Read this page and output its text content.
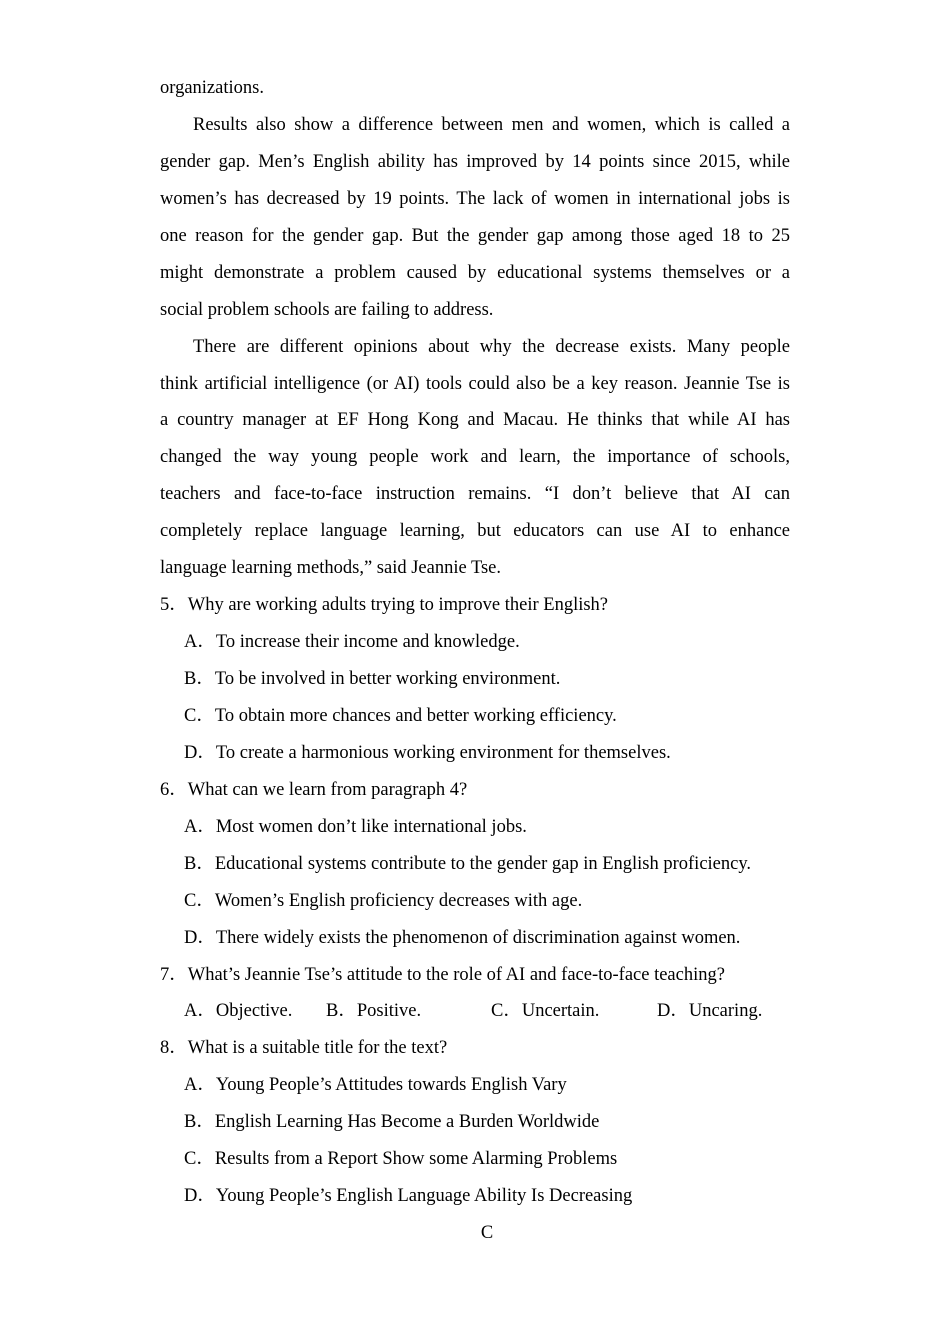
organizations.
Results also show a difference between men and women, which is called a
gender gap. Men’s English ability has improved by 14 points since 2015, while
women’s has decreased by 19 points. The lack of women in international jobs is
one reason for the gender gap. But the gender gap among those aged 18 to 25
might demonstrate a problem caused by educational systems themselves or a
social problem schools are failing to address.
There are different opinions about why the decrease exists. Many people
think artificial intelligence (or AI) tools could also be a key reason. Jeannie Tse is
a country manager at EF Hong Kong and Macau. He thinks that while AI has
changed the way young people work and learn, the importance of schools,
teachers and face-to-face instruction remains. “I don’t believe that AI can
completely replace language learning, but educators can use AI to enhance
language learning methods,” said Jeannie Tse.
5．Why are working adults trying to improve their English?
A．To increase their income and knowledge.
B．To be involved in better working environment.
C．To obtain more chances and better working efficiency.
D．To create a harmonious working environment for themselves.
6．What can we learn from paragraph 4?
A．Most women don’t like international jobs.
B．Educational systems contribute to the gender gap in English proficiency.
C．Women’s English proficiency decreases with age.
D．There widely exists the phenomenon of discrimination against women.
7．What’s Jeannie Tse’s attitude to the role of AI and face-to-face teaching?
A．Objective. B．Positive.	C．Uncertain.	D．Uncaring.
8．What is a suitable title for the text?
A．Young People’s Attitudes towards English Vary
B．English Learning Has Become a Burden Worldwide
C．Results from a Report Show some Alarming Problems
D．Young People’s English Language Ability Is Decreasing
C
